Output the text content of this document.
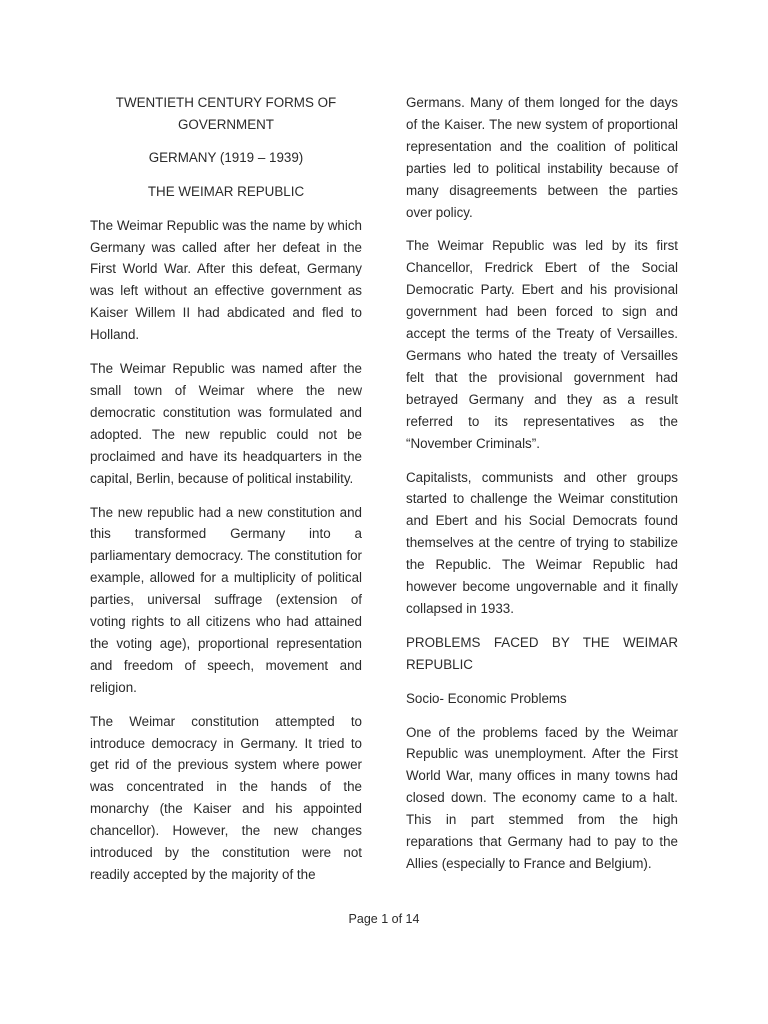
TWENTIETH CENTURY FORMS OF GOVERNMENT

GERMANY (1919 – 1939)

THE WEIMAR REPUBLIC

The Weimar Republic was the name by which Germany was called after her defeat in the First World War. After this defeat, Germany was left without an effective government as Kaiser Willem II had abdicated and fled to Holland.

The Weimar Republic was named after the small town of Weimar where the new democratic constitution was formulated and adopted. The new republic could not be proclaimed and have its headquarters in the capital, Berlin, because of political instability.

The new republic had a new constitution and this transformed Germany into a parliamentary democracy. The constitution for example, allowed for a multiplicity of political parties, universal suffrage (extension of voting rights to all citizens who had attained the voting age), proportional representation and freedom of speech, movement and religion.

The Weimar constitution attempted to introduce democracy in Germany. It tried to get rid of the previous system where power was concentrated in the hands of the monarchy (the Kaiser and his appointed chancellor). However, the new changes introduced by the constitution were not readily accepted by the majority of the

Germans. Many of them longed for the days of the Kaiser. The new system of proportional representation and the coalition of political parties led to political instability because of many disagreements between the parties over policy.

The Weimar Republic was led by its first Chancellor, Fredrick Ebert of the Social Democratic Party. Ebert and his provisional government had been forced to sign and accept the terms of the Treaty of Versailles. Germans who hated the treaty of Versailles felt that the provisional government had betrayed Germany and they as a result referred to its representatives as the “November Criminals”.

Capitalists, communists and other groups started to challenge the Weimar constitution and Ebert and his Social Democrats found themselves at the centre of trying to stabilize the Republic. The Weimar Republic had however become ungovernable and it finally collapsed in 1933.

PROBLEMS FACED BY THE WEIMAR REPUBLIC

Socio- Economic Problems

One of the problems faced by the Weimar Republic was unemployment. After the First World War, many offices in many towns had closed down. The economy came to a halt. This in part stemmed from the high reparations that Germany had to pay to the Allies (especially to France and Belgium).

Page 1 of 14
